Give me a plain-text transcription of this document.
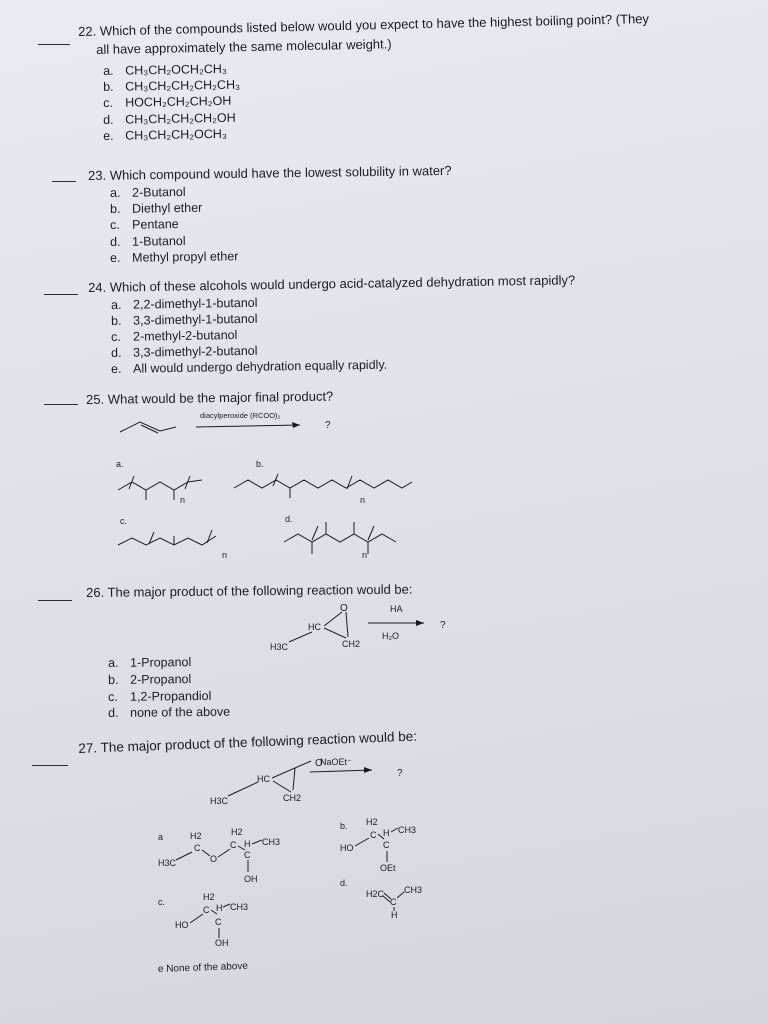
22. Which of the compounds listed below would you expect to have the highest boiling point? (They
all have approximately the same molecular weight.)
a. CH₃CH₂OCH₂CH₃
b. CH₃CH₂CH₂CH₂CH₃
c. HOCH₂CH₂CH₂OH
d. CH₃CH₂CH₂CH₂OH
e. CH₃CH₂CH₂OCH₃
23. Which compound would have the lowest solubility in water?
a. 2-Butanol
b. Diethyl ether
c. Pentane
d. 1-Butanol
e. Methyl propyl ether
24. Which of these alcohols would undergo acid-catalyzed dehydration most rapidly?
a. 2,2-dimethyl-1-butanol
b. 3,3-dimethyl-1-butanol
c. 2-methyl-2-butanol
d. 3,3-dimethyl-2-butanol
e. All would undergo dehydration equally rapidly.
25. What would be the major final product?
diacylperoxide (RCOO)₂
?
a.	b.
c.	d.
n	n
n	n
26. The major product of the following reaction would be:
O
HC
H3C	CH2
HA
H₂O
?
a. 1-Propanol
b. 2-Propanol
c. 1,2-Propandiol
d. none of the above
27. The major product of the following reaction would be:
O
HC
H3C	CH2
NaOEt⁻
?
a	H2	H2
C	C H CH3
H3C	O	C
OH
b. H2
C H CH3
HO	C
OEt
c.	H2
C H CH3
HO	C
OH
d.
H2C
C
CH3
H
e None of the above
